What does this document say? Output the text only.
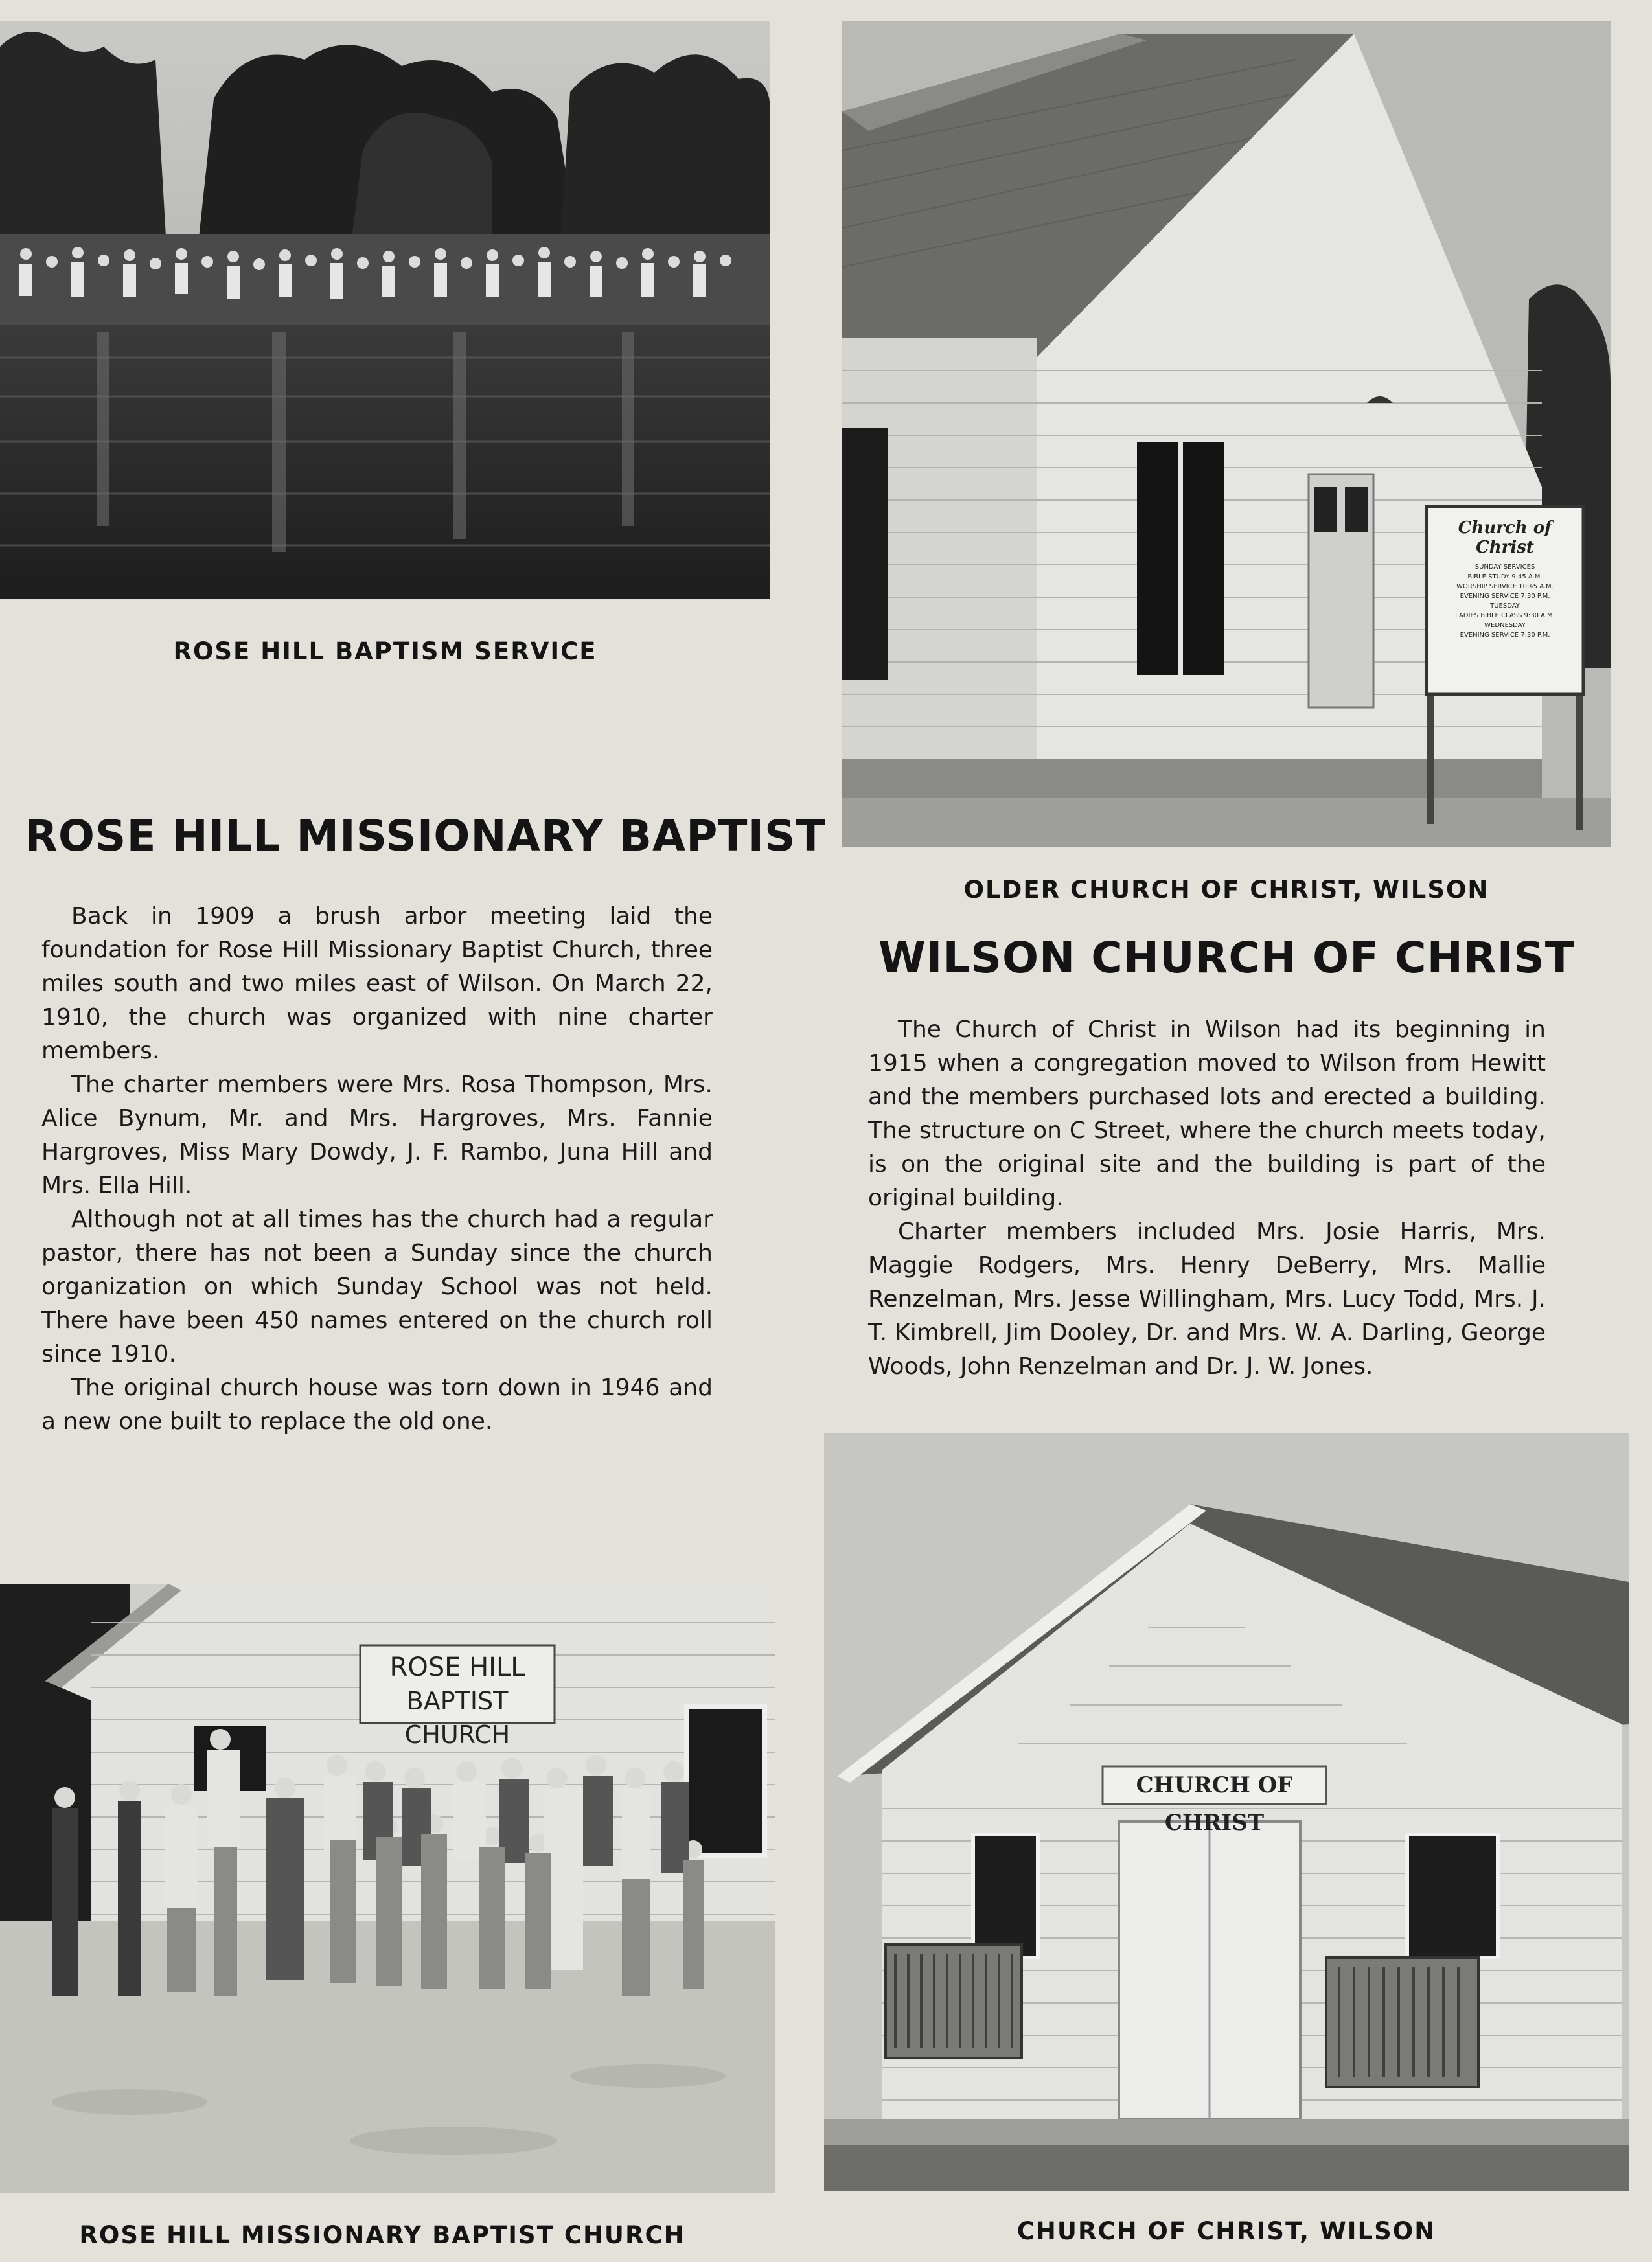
ROSE HILL BAPTISM SERVICE
Church of Christ
SUNDAY SERVICES
BIBLE STUDY 9:45 A.M.
WORSHIP SERVICE 10:45 A.M.
EVENING SERVICE 7:30 P.M.
TUESDAY
LADIES BIBLE CLASS 9:30 A.M.
WEDNESDAY
EVENING SERVICE 7:30 P.M.
OLDER CHURCH OF CHRIST, WILSON
ROSE HILL MISSIONARY BAPTIST

Back in 1909 a brush arbor meeting laid the foundation for Rose Hill Missionary Baptist Church, three miles south and two miles east of Wilson. On March 22, 1910, the church was organized with nine charter members.

The charter members were Mrs. Rosa Thompson, Mrs. Alice Bynum, Mr. and Mrs. Hargroves, Mrs. Fannie Hargroves, Miss Mary Dowdy, J. F. Rambo, Juna Hill and Mrs. Ella Hill.

Although not at all times has the church had a regular pastor, there has not been a Sunday since the church organization on which Sunday School was not held. There have been 450 names entered on the church roll since 1910.

The original church house was torn down in 1946 and a new one built to replace the old one.

WILSON CHURCH OF CHRIST

The Church of Christ in Wilson had its beginning in 1915 when a congregation moved to Wilson from Hewitt and the members purchased lots and erected a building. The structure on C Street, where the church meets today, is on the original site and the building is part of the original building.

Charter members included Mrs. Josie Harris, Mrs. Maggie Rodgers, Mrs. Henry DeBerry, Mrs. Mallie Renzelman, Mrs. Jesse Willingham, Mrs. Lucy Todd, Mrs. J. T. Kimbrell, Jim Dooley, Dr. and Mrs. W. A. Darling, George Woods, John Renzelman and Dr. J. W. Jones.

ROSE HILL
BAPTIST CHURCH
ROSE HILL MISSIONARY BAPTIST CHURCH
CHURCH OF CHRIST
CHURCH OF CHRIST, WILSON
